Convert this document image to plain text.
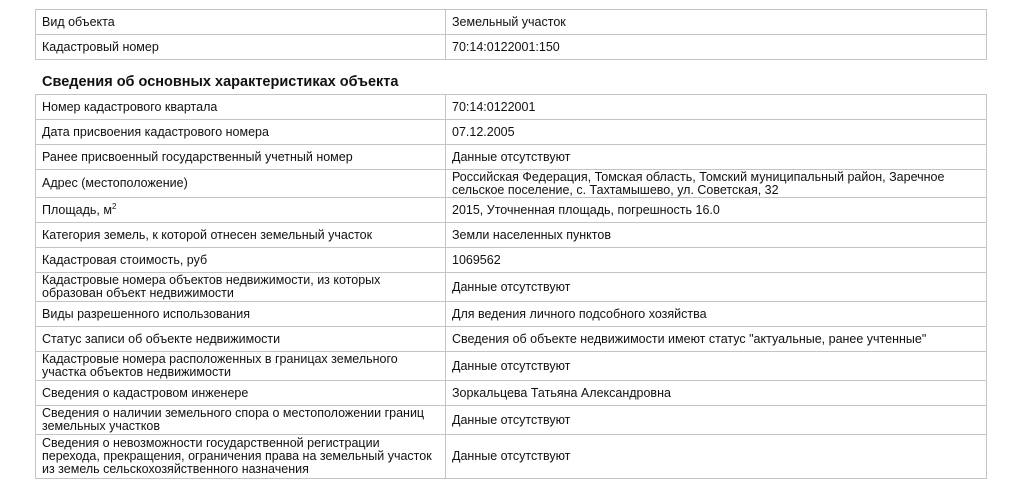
Вид объекта	Земельный участок
Кадастровый номер	70:14:0122001:150
Сведения об основных характеристиках объекта
Номер кадастрового квартала	70:14:0122001
Дата присвоения кадастрового номера	07.12.2005
Ранее присвоенный государственный учетный номер	Данные отсутствуют
Адрес (местоположение)	Российская Федерация, Томская область, Томский муниципальный район, Заречное сельское поселение, с. Тахтамышево, ул. Советская, 32
Площадь, $м^2$	2015, Уточненная площадь, погрешность 16.0
Категория земель, к которой отнесен земельный участок	Земли населенных пунктов
Кадастровая стоимость, руб	1069562
Кадастровые номера объектов недвижимости, из которых образован объект недвижимости	Данные отсутствуют
Виды разрешенного использования	Для ведения личного подсобного хозяйства
Статус записи об объекте недвижимости	Сведения об объекте недвижимости имеют статус "актуальные, ранее учтенные"
Кадастровые номера расположенных в границах земельного участка объектов недвижимости	Данные отсутствуют
Сведения о кадастровом инженере	Зоркальцева Татьяна Александровна
Сведения о наличии земельного спора о местоположении границ земельных участков	Данные отсутствуют
Сведения о невозможности государственной регистрации перехода, прекращения, ограничения права на земельный участок из земель сельскохозяйственного назначения	Данные отсутствуют
